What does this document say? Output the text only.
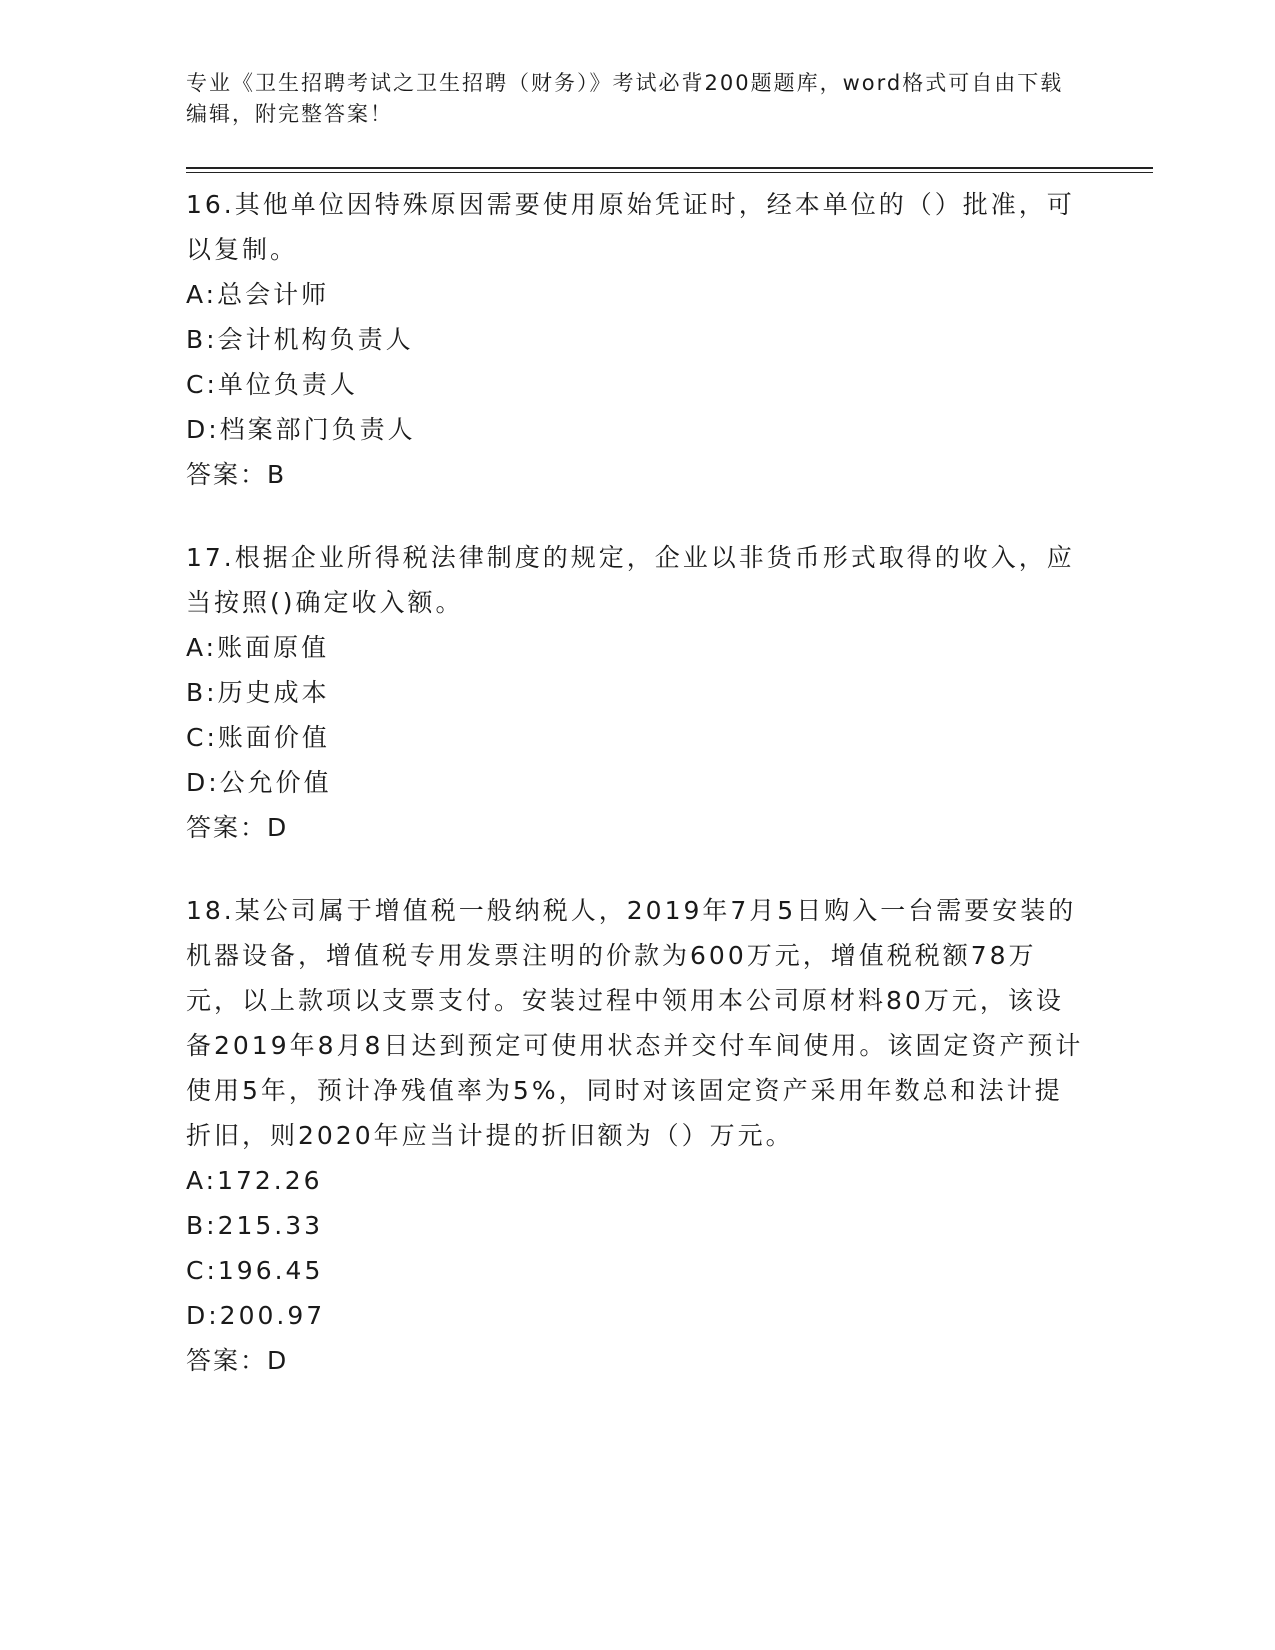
专业《卫生招聘考试之卫生招聘（财务）》考试必背200题题库，word格式可自由下载编辑，附完整答案！

16.其他单位因特殊原因需要使用原始凭证时，经本单位的（）批准，可以复制。

A:总会计师

B:会计机构负责人

C:单位负责人

D:档案部门负责人

答案：B

17.根据企业所得税法律制度的规定，企业以非货币形式取得的收入，应当按照()确定收入额。

A:账面原值

B:历史成本

C:账面价值

D:公允价值

答案：D

18.某公司属于增值税一般纳税人，2019年7月5日购入一台需要安装的机器设备，增值税专用发票注明的价款为600万元，增值税税额78万元，以上款项以支票支付。安装过程中领用本公司原材料80万元，该设备2019年8月8日达到预定可使用状态并交付车间使用。该固定资产预计使用5年，预计净残值率为5%，同时对该固定资产采用年数总和法计提折旧，则2020年应当计提的折旧额为（）万元。

A:172.26

B:215.33

C:196.45

D:200.97

答案：D
